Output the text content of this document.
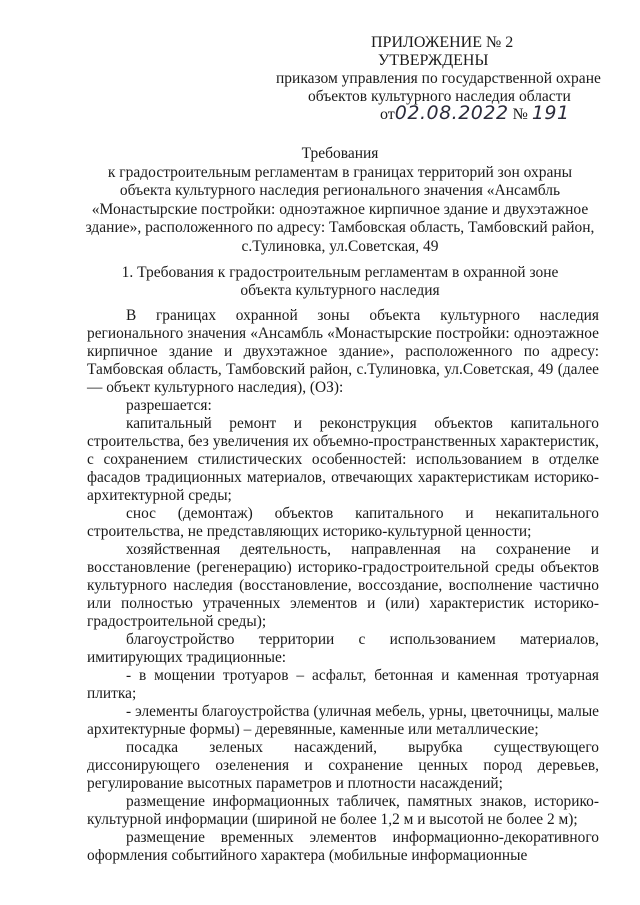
ПРИЛОЖЕНИЕ № 2
УТВЕРЖДЕНЫ
приказом управления по государственной охране
объектов культурного наследия области
от02.08.2022 № 191
Требования
к градостроительным регламентам в границах территорий зон охраны
объекта культурного наследия регионального значения «Ансамбль
«Монастырские постройки: одноэтажное кирпичное здание и двухэтажное
здание», расположенного по адресу: Тамбовская область, Тамбовский район,
с.Тулиновка, ул.Советская, 49
1. Требования к градостроительным регламентам в охранной зоне
объекта культурного наследия

В границах охранной зоны объекта культурного наследия регионального значения «Ансамбль «Монастырские постройки: одноэтажное кирпичное здание и двухэтажное здание», расположенного по адресу: Тамбовская область, Тамбовский район, с.Тулиновка, ул.Советская, 49 (далее — объект культурного наследия), (ОЗ):

разрешается:

капитальный ремонт и реконструкция объектов капитального строительства, без увеличения их объемно-пространственных характеристик, с сохранением стилистических особенностей: использованием в отделке фасадов традиционных материалов, отвечающих характеристикам историко-архитектурной среды;

снос (демонтаж) объектов капитального и некапитального строительства, не представляющих историко-культурной ценности;

хозяйственная деятельность, направленная на сохранение и восстановление (регенерацию) историко-градостроительной среды объектов культурного наследия (восстановление, воссоздание, восполнение частично или полностью утраченных элементов и (или) характеристик историко-градостроительной среды);

благоустройство территории с использованием материалов, имитирующих традиционные:

- в мощении тротуаров – асфальт, бетонная и каменная тротуарная плитка;

- элементы благоустройства (уличная мебель, урны, цветочницы, малые архитектурные формы) – деревянные, каменные или металлические;

посадка зеленых насаждений, вырубка существующего диссонирующего озеленения и сохранение ценных пород деревьев, регулирование высотных параметров и плотности насаждений;

размещение информационных табличек, памятных знаков, историко-культурной информации (шириной не более 1,2 м и высотой не более 2 м);

размещение временных элементов информационно-декоративного оформления событийного характера (мобильные информационные
